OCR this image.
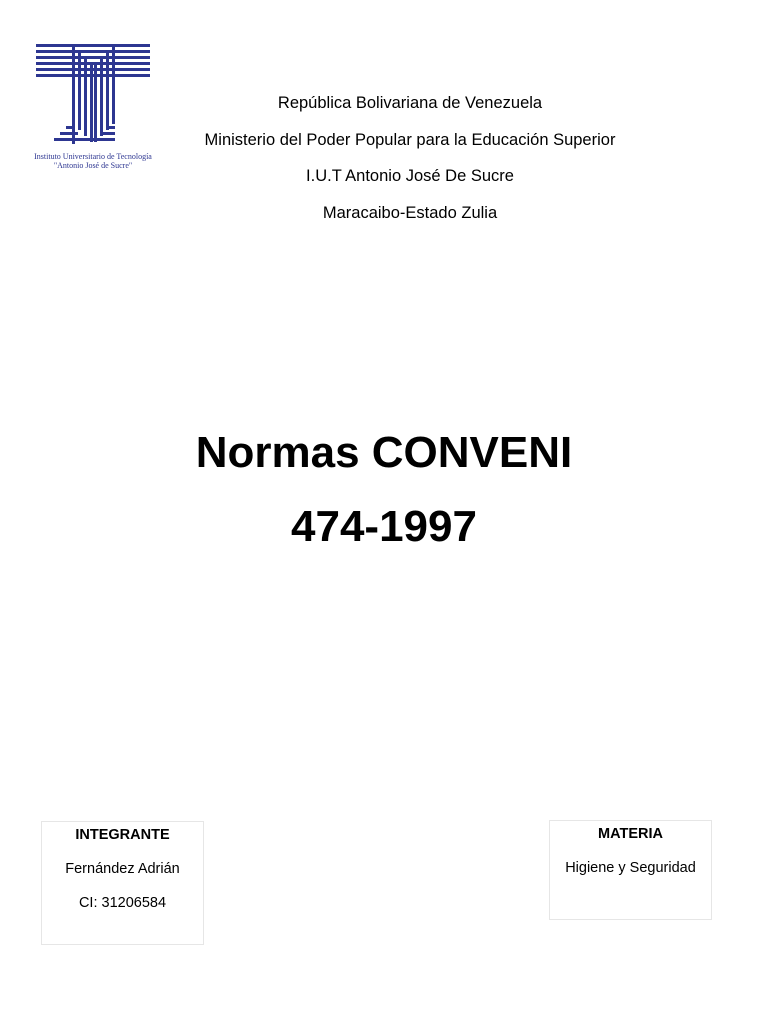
Instituto Universitario de Tecnología
"Antonio José de Sucre"
República Bolivariana de Venezuela
Ministerio del Poder Popular para la Educación Superior
I.U.T Antonio José De Sucre
Maracaibo-Estado Zulia
Normas CONVENI
474-1997
INTEGRANTE
Fernández Adrián
CI: 31206584
MATERIA
Higiene y Seguridad
